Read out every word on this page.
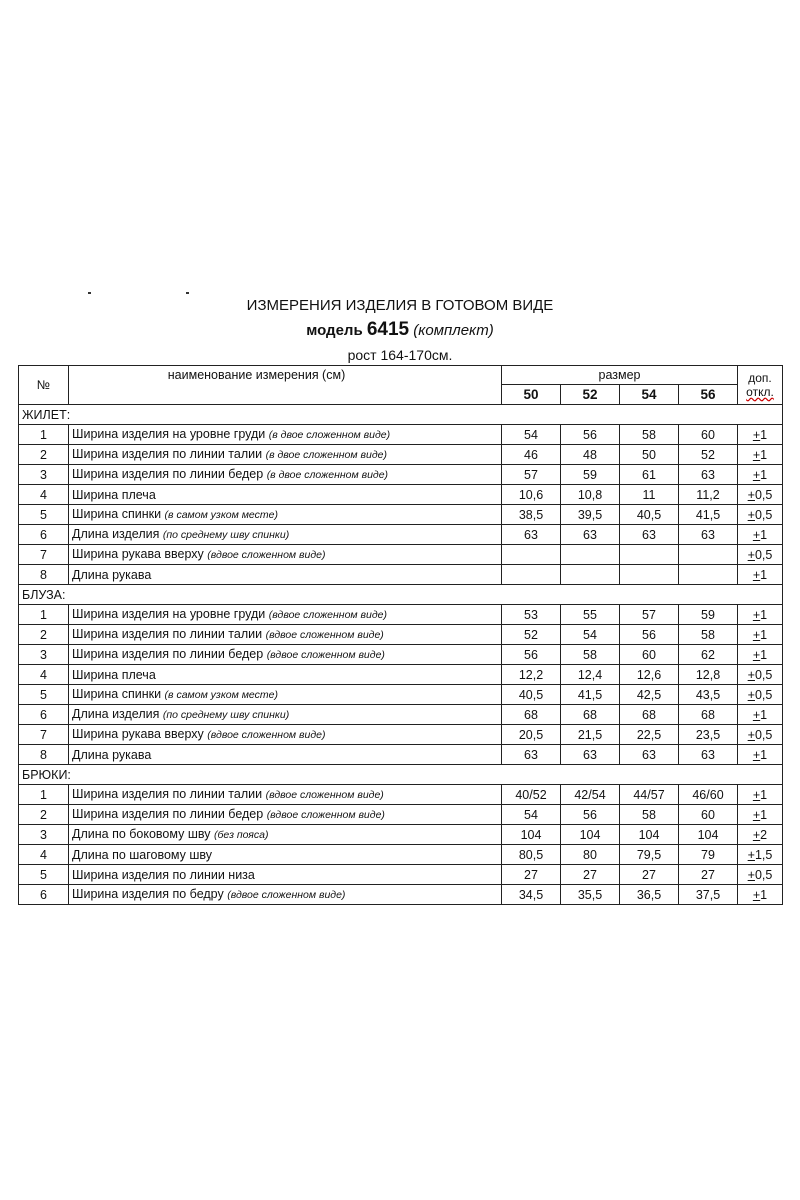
ИЗМЕРЕНИЯ ИЗДЕЛИЯ В ГОТОВОМ ВИДЕ
модель 6415 (комплект)
рост 164-170см.
№	наименование измерения (см)	размер				доп.
откл.

		50	52	54	56	
ЖИЛЕТ:						
1	Ширина изделия на уровне груди (в двое сложенном виде)	54	56	58	60	+1
2	Ширина изделия по линии талии (в двое сложенном виде)	46	48	50	52	+1
3	Ширина изделия по линии бедер (в двое сложенном виде)	57	59	61	63	+1
4	Ширина плеча	10,6	10,8	11	11,2	+0,5
5	Ширина спинки (в самом узком месте)	38,5	39,5	40,5	41,5	+0,5
6	Длина изделия (по среднему шву спинки)	63	63	63	63	+1
7	Ширина рукава вверху (вдвое сложенном виде)					+0,5
8	Длина рукава					+1
БЛУЗА:						
1	Ширина изделия на уровне груди (вдвое сложенном виде)	53	55	57	59	+1
2	Ширина изделия по линии талии (вдвое сложенном виде)	52	54	56	58	+1
3	Ширина изделия по линии бедер (вдвое сложенном виде)	56	58	60	62	+1
4	Ширина плеча	12,2	12,4	12,6	12,8	+0,5
5	Ширина спинки (в самом узком месте)	40,5	41,5	42,5	43,5	+0,5
6	Длина изделия (по среднему шву спинки)	68	68	68	68	+1
7	Ширина рукава вверху (вдвое сложенном виде)	20,5	21,5	22,5	23,5	+0,5
8	Длина рукава	63	63	63	63	+1
БРЮКИ:						
1	Ширина изделия по линии талии (вдвое сложенном виде)	40/52	42/54	44/57	46/60	+1
2	Ширина изделия по линии бедер (вдвое сложенном виде)	54	56	58	60	+1
3	Длина по боковому шву (без пояса)	104	104	104	104	+2
4	Длина по шаговому шву	80,5	80	79,5	79	+1,5
5	Ширина изделия по линии низа	27	27	27	27	+0,5
6	Ширина изделия по бедру (вдвое сложенном виде)	34,5	35,5	36,5	37,5	+1
